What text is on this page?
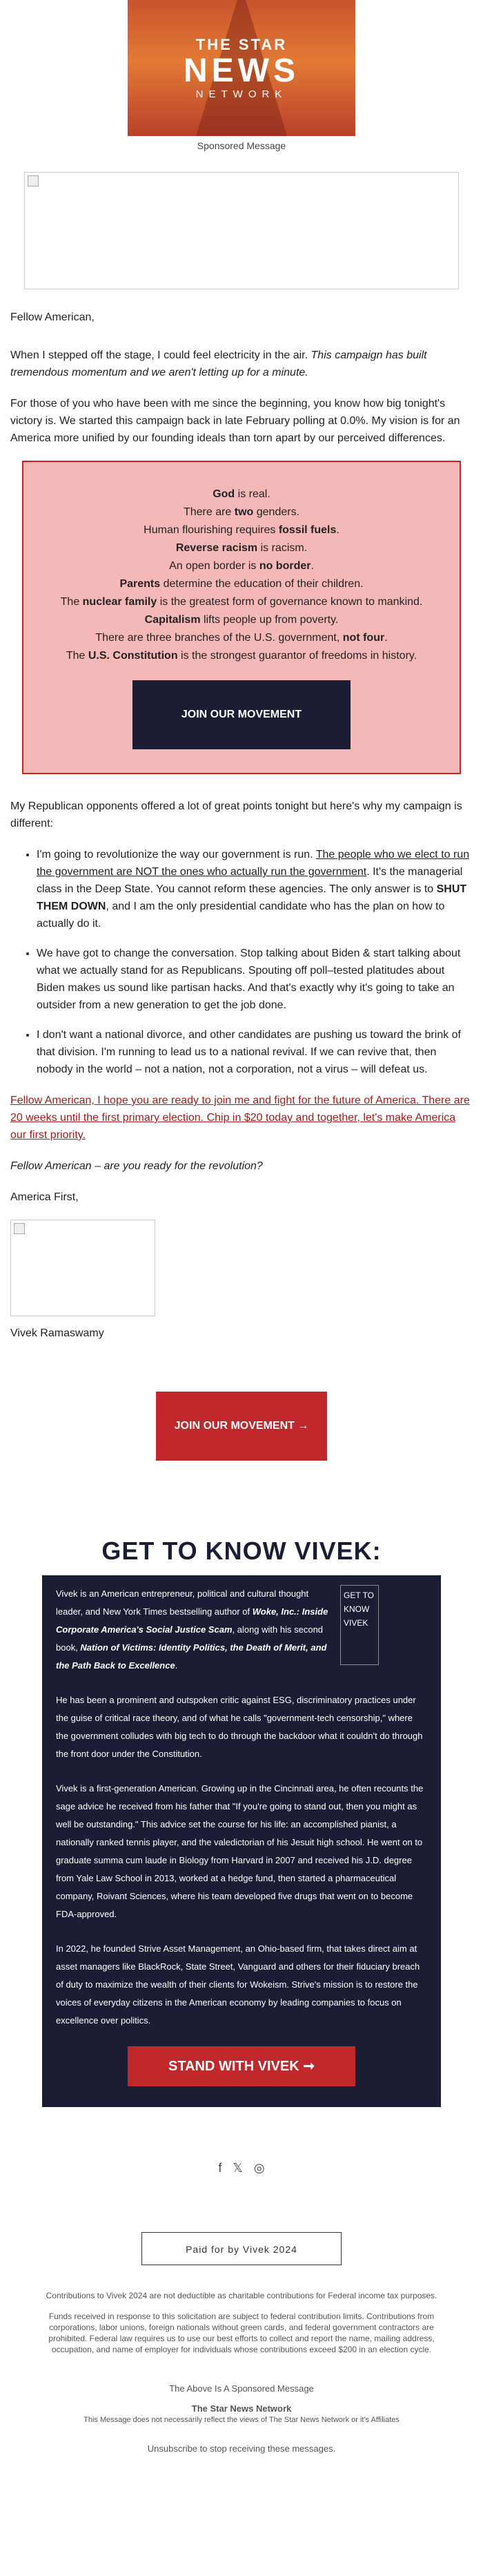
THE STAR
NEWS
NETWORK
Sponsored Message

Fellow American,

When I stepped off the stage, I could feel electricity in the air. This campaign has built tremendous momentum and we aren't letting up for a minute.

For those of you who have been with me since the beginning, you know how big tonight's victory is. We started this campaign back in late February polling at 0.0%. My vision is for an America more unified by our founding ideals than torn apart by our perceived differences.

God is real.
There are two genders.
Human flourishing requires fossil fuels.
Reverse racism is racism.
An open border is no border.
Parents determine the education of their children.
The nuclear family is the greatest form of governance known to mankind.
Capitalism lifts people up from poverty.
There are three branches of the U.S. government, not four.
The U.S. Constitution is the strongest guarantor of freedoms in history.
JOIN OUR MOVEMENT

My Republican opponents offered a lot of great points tonight but here's why my campaign is different:

• I'm going to revolutionize the way our government is run. The people who we elect to run the government are NOT the ones who actually run the government. It's the managerial class in the Deep State. You cannot reform these agencies. The only answer is to SHUT THEM DOWN, and I am the only presidential candidate who has the plan on how to actually do it.
• We have got to change the conversation. Stop talking about Biden & start talking about what we actually stand for as Republicans. Spouting off poll–tested platitudes about Biden makes us sound like partisan hacks. And that's exactly why it's going to take an outsider from a new generation to get the job done.
• I don't want a national divorce, and other candidates are pushing us toward the brink of that division. I'm running to lead us to a national revival. If we can revive that, then nobody in the world – not a nation, not a corporation, not a virus – will defeat us.

Fellow American, I hope you are ready to join me and fight for the future of America. There are 20 weeks until the first primary election. Chip in $20 today and together, let's make America our first priority.

Fellow American – are you ready for the revolution?

America First,

Vivek Ramaswamy
JOIN OUR MOVEMENT →
GET TO KNOW VIVEK:
GET TO KNOW VIVEK

Vivek is an American entrepreneur, political and cultural thought leader, and New York Times bestselling author of Woke, Inc.: Inside Corporate America's Social Justice Scam, along with his second book, Nation of Victims: Identity Politics, the Death of Merit, and the Path Back to Excellence.

He has been a prominent and outspoken critic against ESG, discriminatory practices under the guise of critical race theory, and of what he calls "government-tech censorship," where the government colludes with big tech to do through the backdoor what it couldn't do through the front door under the Constitution.

Vivek is a first-generation American. Growing up in the Cincinnati area, he often recounts the sage advice he received from his father that "If you're going to stand out, then you might as well be outstanding." This advice set the course for his life: an accomplished pianist, a nationally ranked tennis player, and the valedictorian of his Jesuit high school. He went on to graduate summa cum laude in Biology from Harvard in 2007 and received his J.D. degree from Yale Law School in 2013, worked at a hedge fund, then started a pharmaceutical company, Roivant Sciences, where his team developed five drugs that went on to become FDA-approved.

In 2022, he founded Strive Asset Management, an Ohio-based firm, that takes direct aim at asset managers like BlackRock, State Street, Vanguard and others for their fiduciary breach of duty to maximize the wealth of their clients for Wokeism. Strive's mission is to restore the voices of everyday citizens in the American economy by leading companies to focus on excellence over politics.

STAND WITH VIVEK ➞
f 𝕏 ◎
Paid for by Vivek 2024
Contributions to Vivek 2024 are not deductible as charitable contributions for Federal income tax purposes.
Funds received in response to this solicitation are subject to federal contribution limits. Contributions from corporations, labor unions, foreign nationals without green cards, and federal government contractors are prohibited. Federal law requires us to use our best efforts to collect and report the name, mailing address, occupation, and name of employer for individuals whose contributions exceed $200 in an election cycle.
The Above Is A Sponsored Message
The Star News Network
This Message does not necessarily reflect the views of The Star News Network or it's Affiliates
Unsubscribe to stop receiving these messages.
